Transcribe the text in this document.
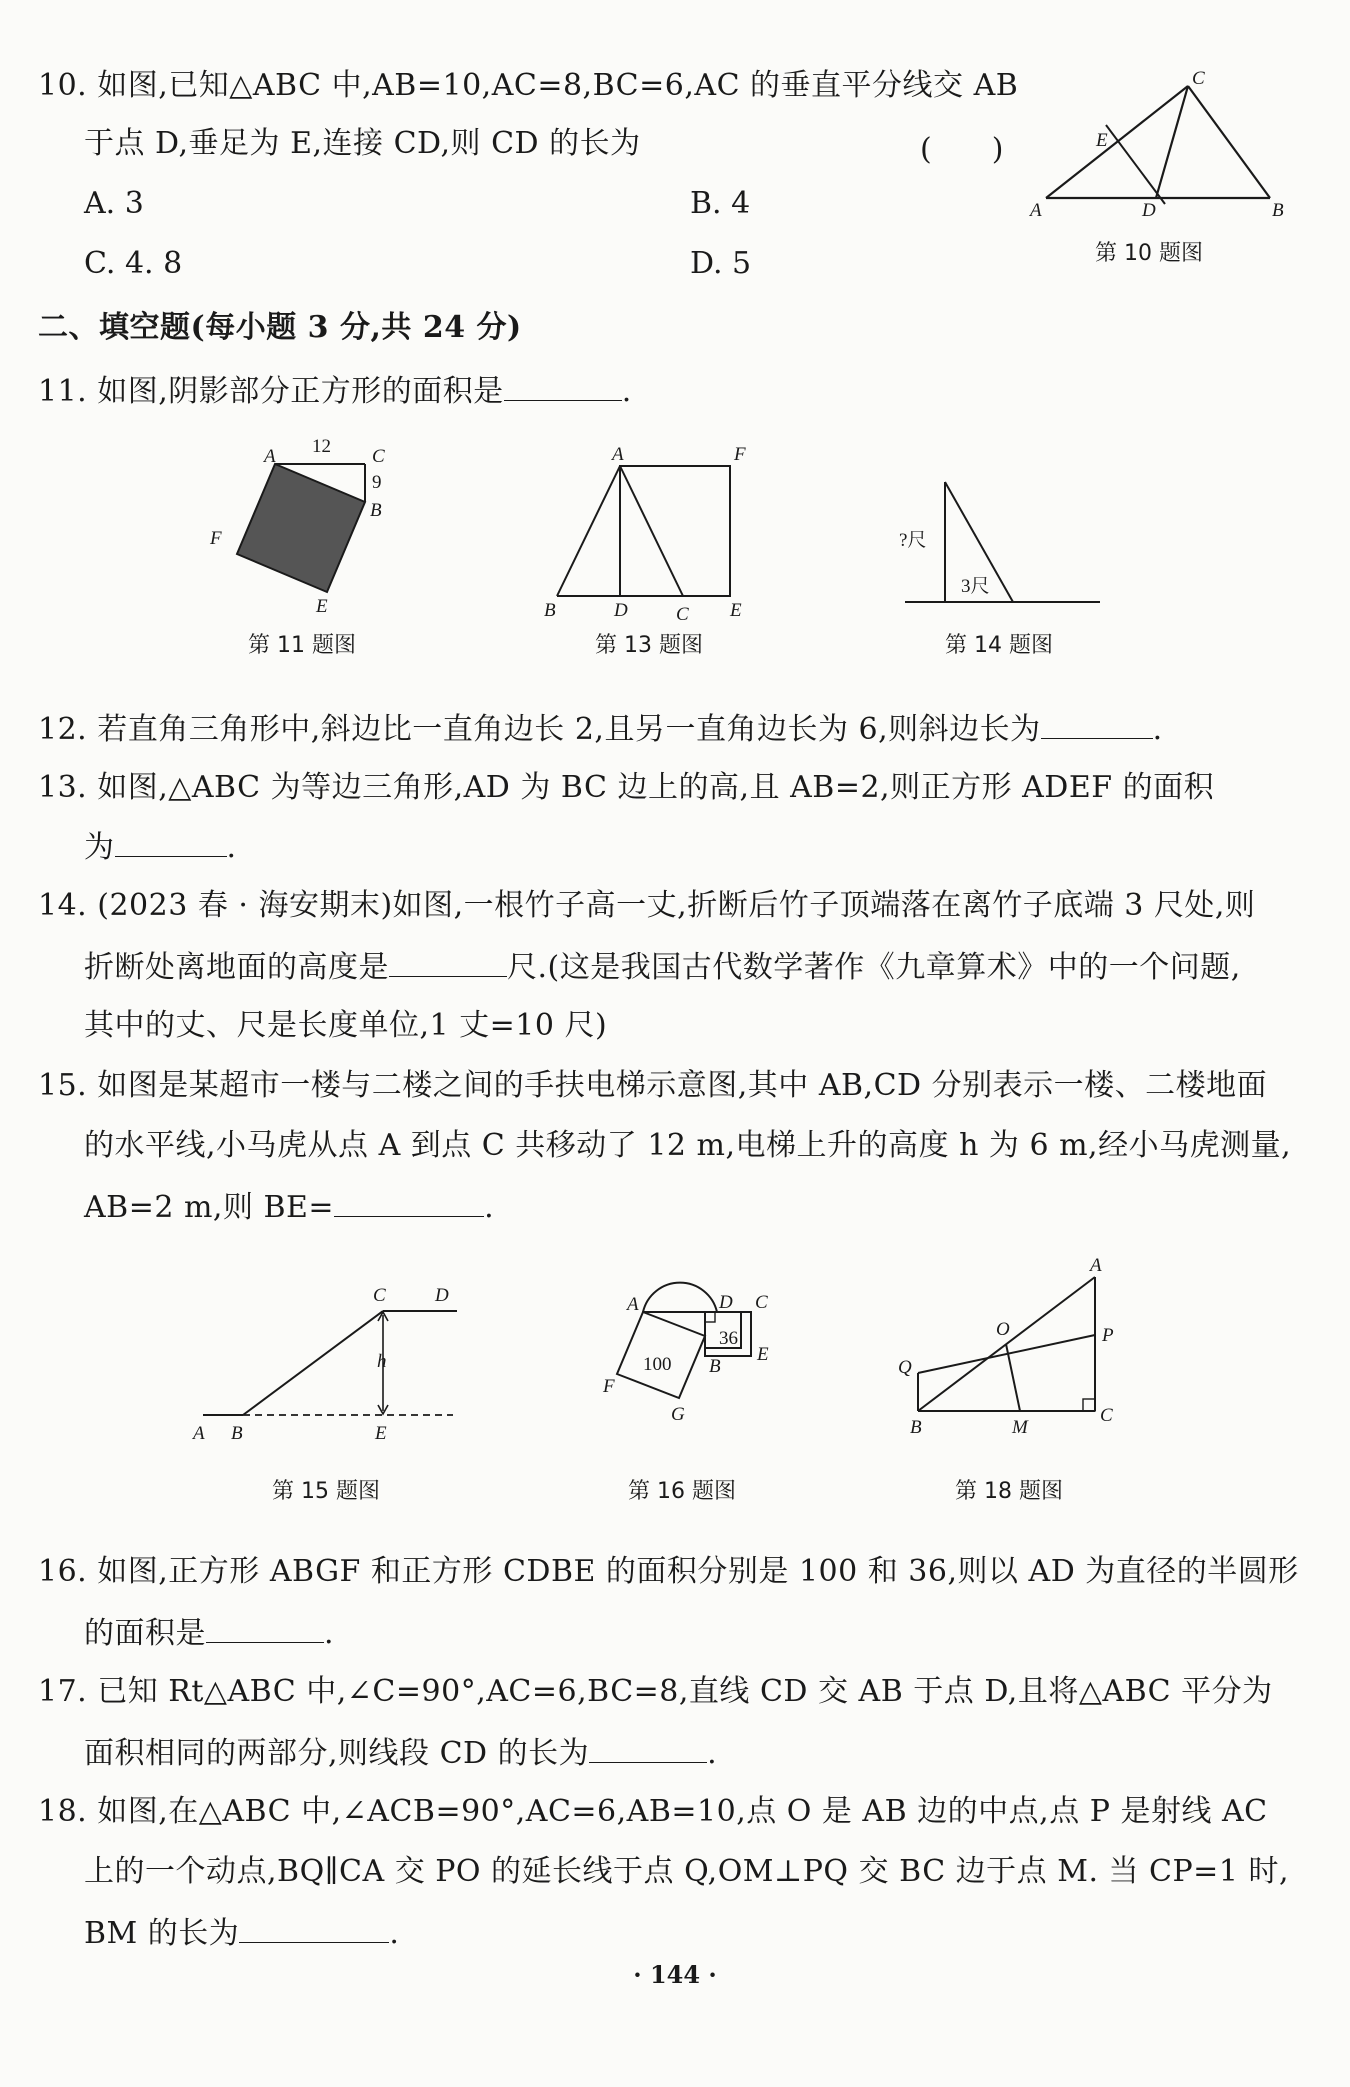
10. 如图,已知△ABC 中,AB=10,AC=8,BC=6,AC 的垂直平分线交 AB
于点 D,垂足为 E,连接 CD,则 CD 的长为	(　　)
A. 3	B. 4
C. 4. 8	D. 5
C
E
A	D	B
第 10 题图
二、填空题(每小题 3 分,共 24 分)
11. 如图,阴影部分正方形的面积是	.
A 12 C
9
B
F
E
第 11 题图
A	F
B	D	C E
第 13 题图
?尺
3尺
第 14 题图
12. 若直角三角形中,斜边比一直角边长 2,且另一直角边长为 6,则斜边长为	.
13. 如图,△ABC 为等边三角形,AD 为 BC 边上的高,且 AB=2,则正方形 ADEF 的面积
为	.
14. (2023 春 · 海安期末)如图,一根竹子高一丈,折断后竹子顶端落在离竹子底端 3 尺处,则
折断处离地面的高度是	尺.(这是我国古代数学著作《九章算术》中的一个问题,
其中的丈、尺是长度单位,1 丈=10 尺)
15. 如图是某超市一楼与二楼之间的手扶电梯示意图,其中 AB,CD 分别表示一楼、二楼地面
的水平线,小马虎从点 A 到点 C 共移动了 12 m,电梯上升的高度 h 为 6 m,经小马虎测量,
AB=2 m,则 BE=	.
C	D
h
A B	E
第 15 题图
A	D C
36
E
100 B
F
G
第 16 题图
A
P
O
Q
B	M
C
第 18 题图
16. 如图,正方形 ABGF 和正方形 CDBE 的面积分别是 100 和 36,则以 AD 为直径的半圆形
的面积是	.
17. 已知 Rt△ABC 中,∠C=90°,AC=6,BC=8,直线 CD 交 AB 于点 D,且将△ABC 平分为
面积相同的两部分,则线段 CD 的长为	.
18. 如图,在△ABC 中,∠ACB=90°,AC=6,AB=10,点 O 是 AB 边的中点,点 P 是射线 AC
上的一个动点,BQ∥CA 交 PO 的延长线于点 Q,OM⊥PQ 交 BC 边于点 M. 当 CP=1 时,
BM 的长为	.
· 144 ·
